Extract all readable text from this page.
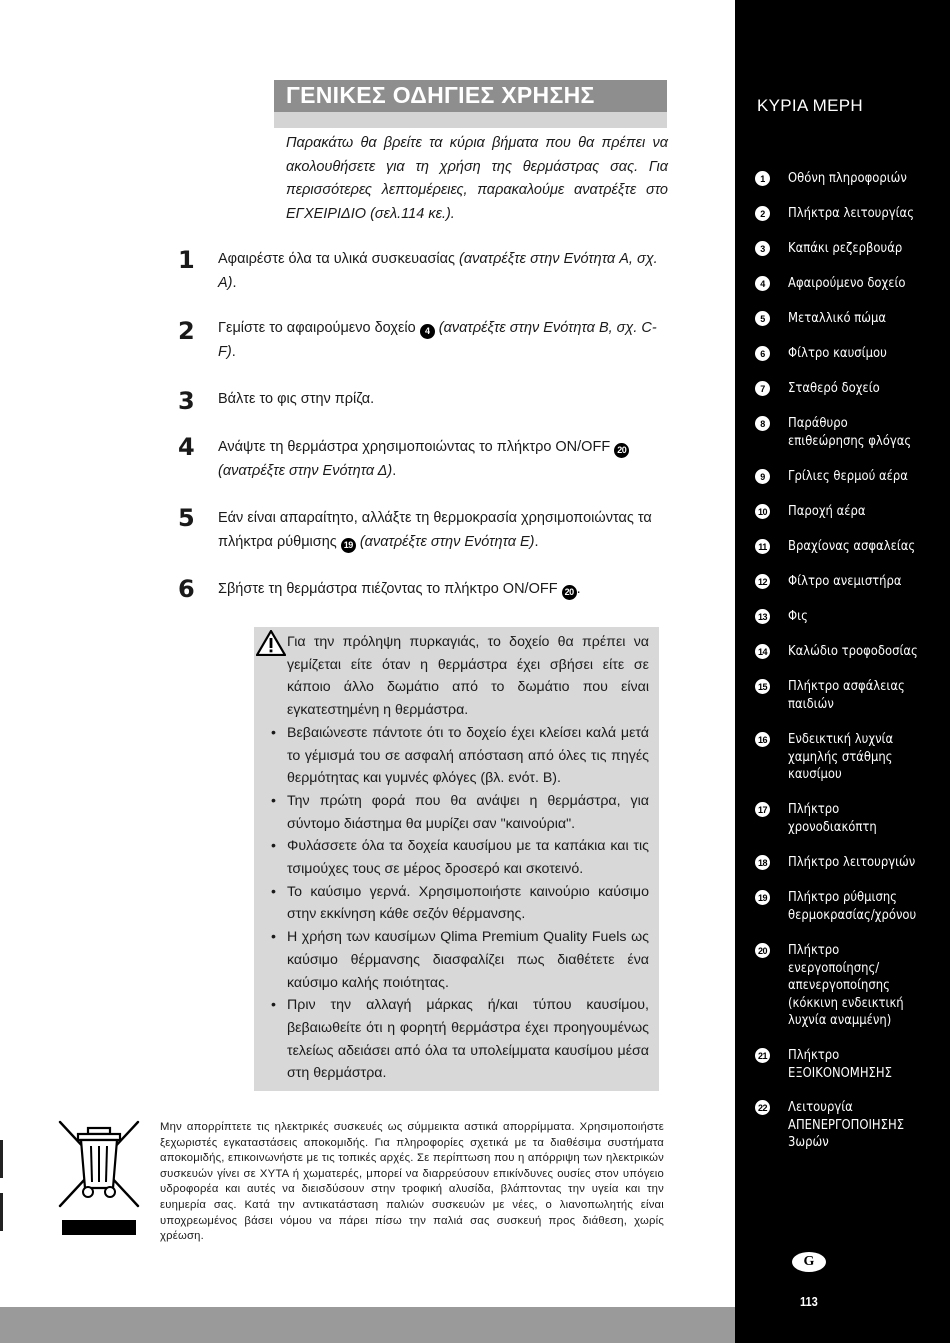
ΚΥΡΙΑ ΜΕΡΗ
1	Οθόνη πληροφοριών
2	Πλήκτρα λειτουργίας
3	Καπάκι ρεζερβουάρ
4	Αφαιρούμενο δοχείο
5	Μεταλλικό πώμα
6	Φίλτρο καυσίμου
7	Σταθερό δοχείο
8	Παράθυρο επιθεώρησης φλόγας
9	Γρίλιες θερμού αέρα
10 Παροχή αέρα
11 Βραχίονας ασφαλείας
12 Φίλτρο ανεμιστήρα
13 Φις
14 Καλώδιο τροφοδοσίας
15 Πλήκτρο ασφάλειας παιδιών
16 Ενδεικτική λυχνία χαμηλής στάθμης καυσίμου
17 Πλήκτρο χρονοδιακόπτη
18 Πλήκτρο λειτουργιών
19 Πλήκτρο ρύθμισης θερμοκρασίας/χρόνου
20 Πλήκτρο ενεργοποίησης/ απενεργοποίησης (κόκκινη ενδεικτική λυχνία αναμμένη)
21 Πλήκτρο ΕΞΟΙΚΟΝΟΜΗΣΗΣ
22 Λειτουργία ΑΠΕΝΕΡΓΟΠΟΙΗΣΗΣ 3ωρών
G
113
ΓΕΝΙΚΕΣ ΟΔΗΓΙΕΣ ΧΡΗΣΗΣ
Παρακάτω θα βρείτε τα κύρια βήματα που θα πρέπει να ακολουθήσετε για τη χρήση της θερμάστρας σας. Για περισσότερες λεπτομέρειες, παρακαλούμε ανατρέξτε στο ΕΓΧΕΙΡΙΔΙΟ (σελ.114 κε.).
1 Αφαιρέστε όλα τα υλικά συσκευασίας (ανατρέξτε στην Ενότητα A, σχ. A).
2 Γεμίστε το αφαιρούμενο δοχείο 4 (ανατρέξτε στην Ενότητα B, σχ. C-F).
3 Βάλτε το φις στην πρίζα.
4 Ανάψτε τη θερμάστρα χρησιμοποιώντας το πλήκτρο ON/OFF 20 (ανατρέξτε στην Ενότητα Δ).
5 Εάν είναι απαραίτητο, αλλάξτε τη θερμοκρασία χρησιμοποιώντας τα πλήκτρα ρύθμισης 19 (ανατρέξτε στην Ενότητα E).
6 Σβήστε τη θερμάστρα πιέζοντας το πλήκτρο ON/OFF 20 .
Για την πρόληψη πυρκαγιάς, το δοχείο θα πρέπει να γεμίζεται είτε όταν η θερμάστρα έχει σβήσει είτε σε κάποιο άλλο δωμάτιο από το δωμάτιο που είναι εγκατεστημένη η θερμάστρα.
• Βεβαιώνεστε πάντοτε ότι το δοχείο έχει κλείσει καλά μετά το γέμισμά του σε ασφαλή απόσταση από όλες τις πηγές θερμότητας και γυμνές φλόγες (βλ. ενότ. B).
• Την πρώτη φορά που θα ανάψει η θερμάστρα, για σύντομο διάστημα θα μυρίζει σαν "καινούρια".
• Φυλάσσετε όλα τα δοχεία καυσίμου με τα καπάκια και τις τσιμούχες τους σε μέρος δροσερό και σκοτεινό.
• Το καύσιμο γερνά. Χρησιμοποιήστε καινούριο καύσιμο στην εκκίνηση κάθε σεζόν θέρμανσης.
• Η χρήση των καυσίμων Qlima Premium Quality Fuels ως καύσιμο θέρμανσης διασφαλίζει πως διαθέτετε ένα καύσιμο καλής ποιότητας.
• Πριν την αλλαγή μάρκας ή/και τύπου καυσίμου, βεβαιωθείτε ότι η φορητή θερμάστρα έχει προηγουμένως τελείως αδειάσει από όλα τα υπολείμματα καυσίμου μέσα στη θερμάστρα.
Μην απορρίπτετε τις ηλεκτρικές συσκευές ως σύμμεικτα αστικά απορρίμματα. Χρησιμοποιήστε ξεχωριστές εγκαταστάσεις αποκομιδής. Για πληροφορίες σχετικά με τα διαθέσιμα συστήματα αποκομιδής, επικοινωνήστε με τις τοπικές αρχές. Σε περίπτωση που η απόρριψη των ηλεκτρικών συσκευών γίνει σε ΧΥΤΑ ή χωματερές, μπορεί να διαρρεύσουν επικίνδυνες ουσίες στον υπόγειο υδροφορέα και αυτές να διεισδύσουν στην τροφική αλυσίδα, βλάπτοντας την υγεία και την ευημερία σας. Κατά την αντικατάσταση παλιών συσκευών με νέες, ο λιανοπωλητής είναι υποχρεωμένος βάσει νόμου να πάρει πίσω την παλιά σας συσκευή προς διάθεση, χωρίς χρέωση.
